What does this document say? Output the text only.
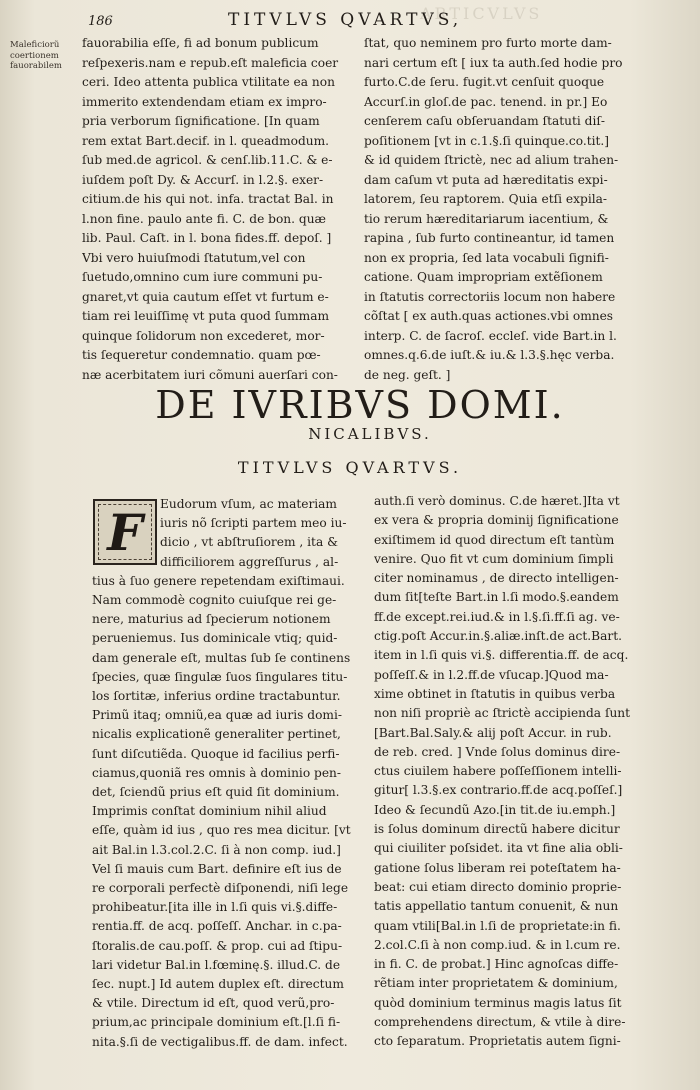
ARTICVLVS
186	TITVLVS QVARTVS,
Maleficiorũ
coertionem
fauorabilem
fauorabilia eſſe, fi ad bonum publicum
reſpexeris.nam e repub.eſt maleficia coer
ceri. Ideo attenta publica vtilitate ea non
immerito extendendam etiam ex impro-
pria verborum ſignificatione. [In quam
rem extat Bart.decif. in l. queadmodum.
ſub med.de agricol. & cenſ.lib.11.C. & e-
iuſdem poſt Dy. & Accurſ. in l.2.§. exer-
citium.de his qui not. infa. tractat Bal. in
l.non fine. paulo ante fi. C. de bon. quæ
lib. Paul. Caſt. in l. bona fides.ff. depoſ. ]
Vbi vero huiuſmodi ſtatutum,vel con
ſuetudo,omnino cum iure communi pu-
gnaret,vt quia cautum eſſet vt furtum e-
tiam rei leuiſſimę vt puta quod ſummam
quinque ſolidorum non excederet, mor-
tis ſequeretur condemnatio. quam pœ-
næ acerbitatem iuri cõmuni auerſari con-
ſtat, quo neminem pro furto morte dam-
nari certum eſt [ iux ta auth.ſed hodie pro
furto.C.de ſeru. fugit.vt cenſuit quoque
Accurſ.in gloſ.de pac. tenend. in pr.] Eo
cenſerem caſu obſeruandam ſtatuti diſ-
poſitionem [vt in c.1.§.ſi quinque.co.tit.]
& id quidem ſtrictè, nec ad alium trahen-
dam caſum vt puta ad hæreditatis expi-
latorem, ſeu raptorem. Quia etſi expila-
tio rerum hæreditariarum iacentium, &
rapina , ſub furto contineantur, id tamen
non ex propria, ſed lata vocabuli ſignifi-
catione. Quam impropriam extẽſionem
in ſtatutis correctoriis locum non habere
cõſtat [ ex auth.quas actiones.vbi omnes
interp. C. de ſacroſ. eccleſ. vide Bart.in l.
omnes.q.6.de iuſt.& iu.& l.3.§.hęc verba.
de neg. geſt. ]
DE IVRIBVS DOMI.
NICALIBVS.
TITVLVS QVARTVS.
F	Eudorum vſum, ac materiam
iuris nõ ſcripti partem meo iu-
dicio , vt abſtruſiorem , ita &
difficiliorem aggreſſurus , al-
tius à ſuo genere repetendam exiſtimaui.
Nam commodè cognito cuiuſque rei ge-
nere, maturius ad ſpecierum notionem
perueniemus. Ius dominicale vtiq; quid-
dam generale eſt, multas ſub ſe continens
ſpecies, quæ ſingulæ ſuos ſingulares titu-
los ſortitæ, inferius ordine tractabuntur.
Primũ itaq; omniũ,ea quæ ad iuris domi-
nicalis explicationẽ generaliter pertinet,
ſunt diſcutiẽda. Quoque id facilius perfi-
ciamus,quoniã res omnis à dominio pen-
det, ſciendũ prius eſt quid ſit dominium.
Imprimis conſtat dominium nihil aliud
eſſe, quàm id ius , quo res mea dicitur. [vt
ait Bal.in l.3.col.2.C. ſi à non comp. iud.]
Vel ſi mauis cum Bart. definire eſt ius de
re corporali perfectè diſponendi, niſi lege
prohibeatur.[ita ille in l.ſi quis vi.§.diffe-
rentia.ff. de acq. poſſeſſ. Anchar. in c.pa-
ſtoralis.de cau.poſſ. & prop. cui ad ſtipu-
lari videtur Bal.in l.fœminę.§. illud.C. de
ſec. nupt.] Id autem duplex eſt. directum
& vtile. Directum id eſt, quod verũ,pro-
prium,ac principale dominium eſt.[l.ſi fi-
nita.§.ſi de vectigalibus.ff. de dam. infect.
auth.ſi verò dominus. C.de hæret.]Ita vt
ex vera & propria dominij ſignificatione
exiſtimem id quod directum eſt tantùm
venire. Quo fit vt cum dominium ſimpli
citer nominamus , de directo intelligen-
dum ſit[teſte Bart.in l.ſi modo.§.eandem
ff.de except.rei.iud.& in l.§.ſi.ff.ſi ag. ve-
ctig.poſt Accur.in.§.aliæ.inſt.de act.Bart.
item in l.ſi quis vi.§. differentia.ff. de acq.
poſſeſſ.& in l.2.ff.de vſucap.]Quod ma-
xime obtinet in ſtatutis in quibus verba
non niſi propriè ac ſtrictè accipienda ſunt
[Bart.Bal.Saly.& alij poſt Accur. in rub.
de reb. cred. ] Vnde ſolus dominus dire-
ctus ciuilem habere poſſeſſionem intelli-
gitur[ l.3.§.ex contrario.ff.de acq.poſſeſ.]
Ideo & ſecundũ Azo.[in tit.de iu.emph.]
is ſolus dominum directũ habere dicitur
qui ciuiliter poſsidet. ita vt fine alia obli-
gatione ſolus liberam rei poteſtatem ha-
beat: cui etiam directo dominio proprie-
tatis appellatio tantum conuenit, & nun
quam vtili[Bal.in l.ſi de proprietate:in fi.
2.col.C.ſi à non comp.iud. & in l.cum re.
in fi. C. de probat.] Hinc agnoſcas diffe-
rẽtiam inter proprietatem & dominium,
quòd dominium terminus magis latus ſit
comprehendens directum, & vtile à dire-
cto ſeparatum. Proprietatis autem ſigni-
